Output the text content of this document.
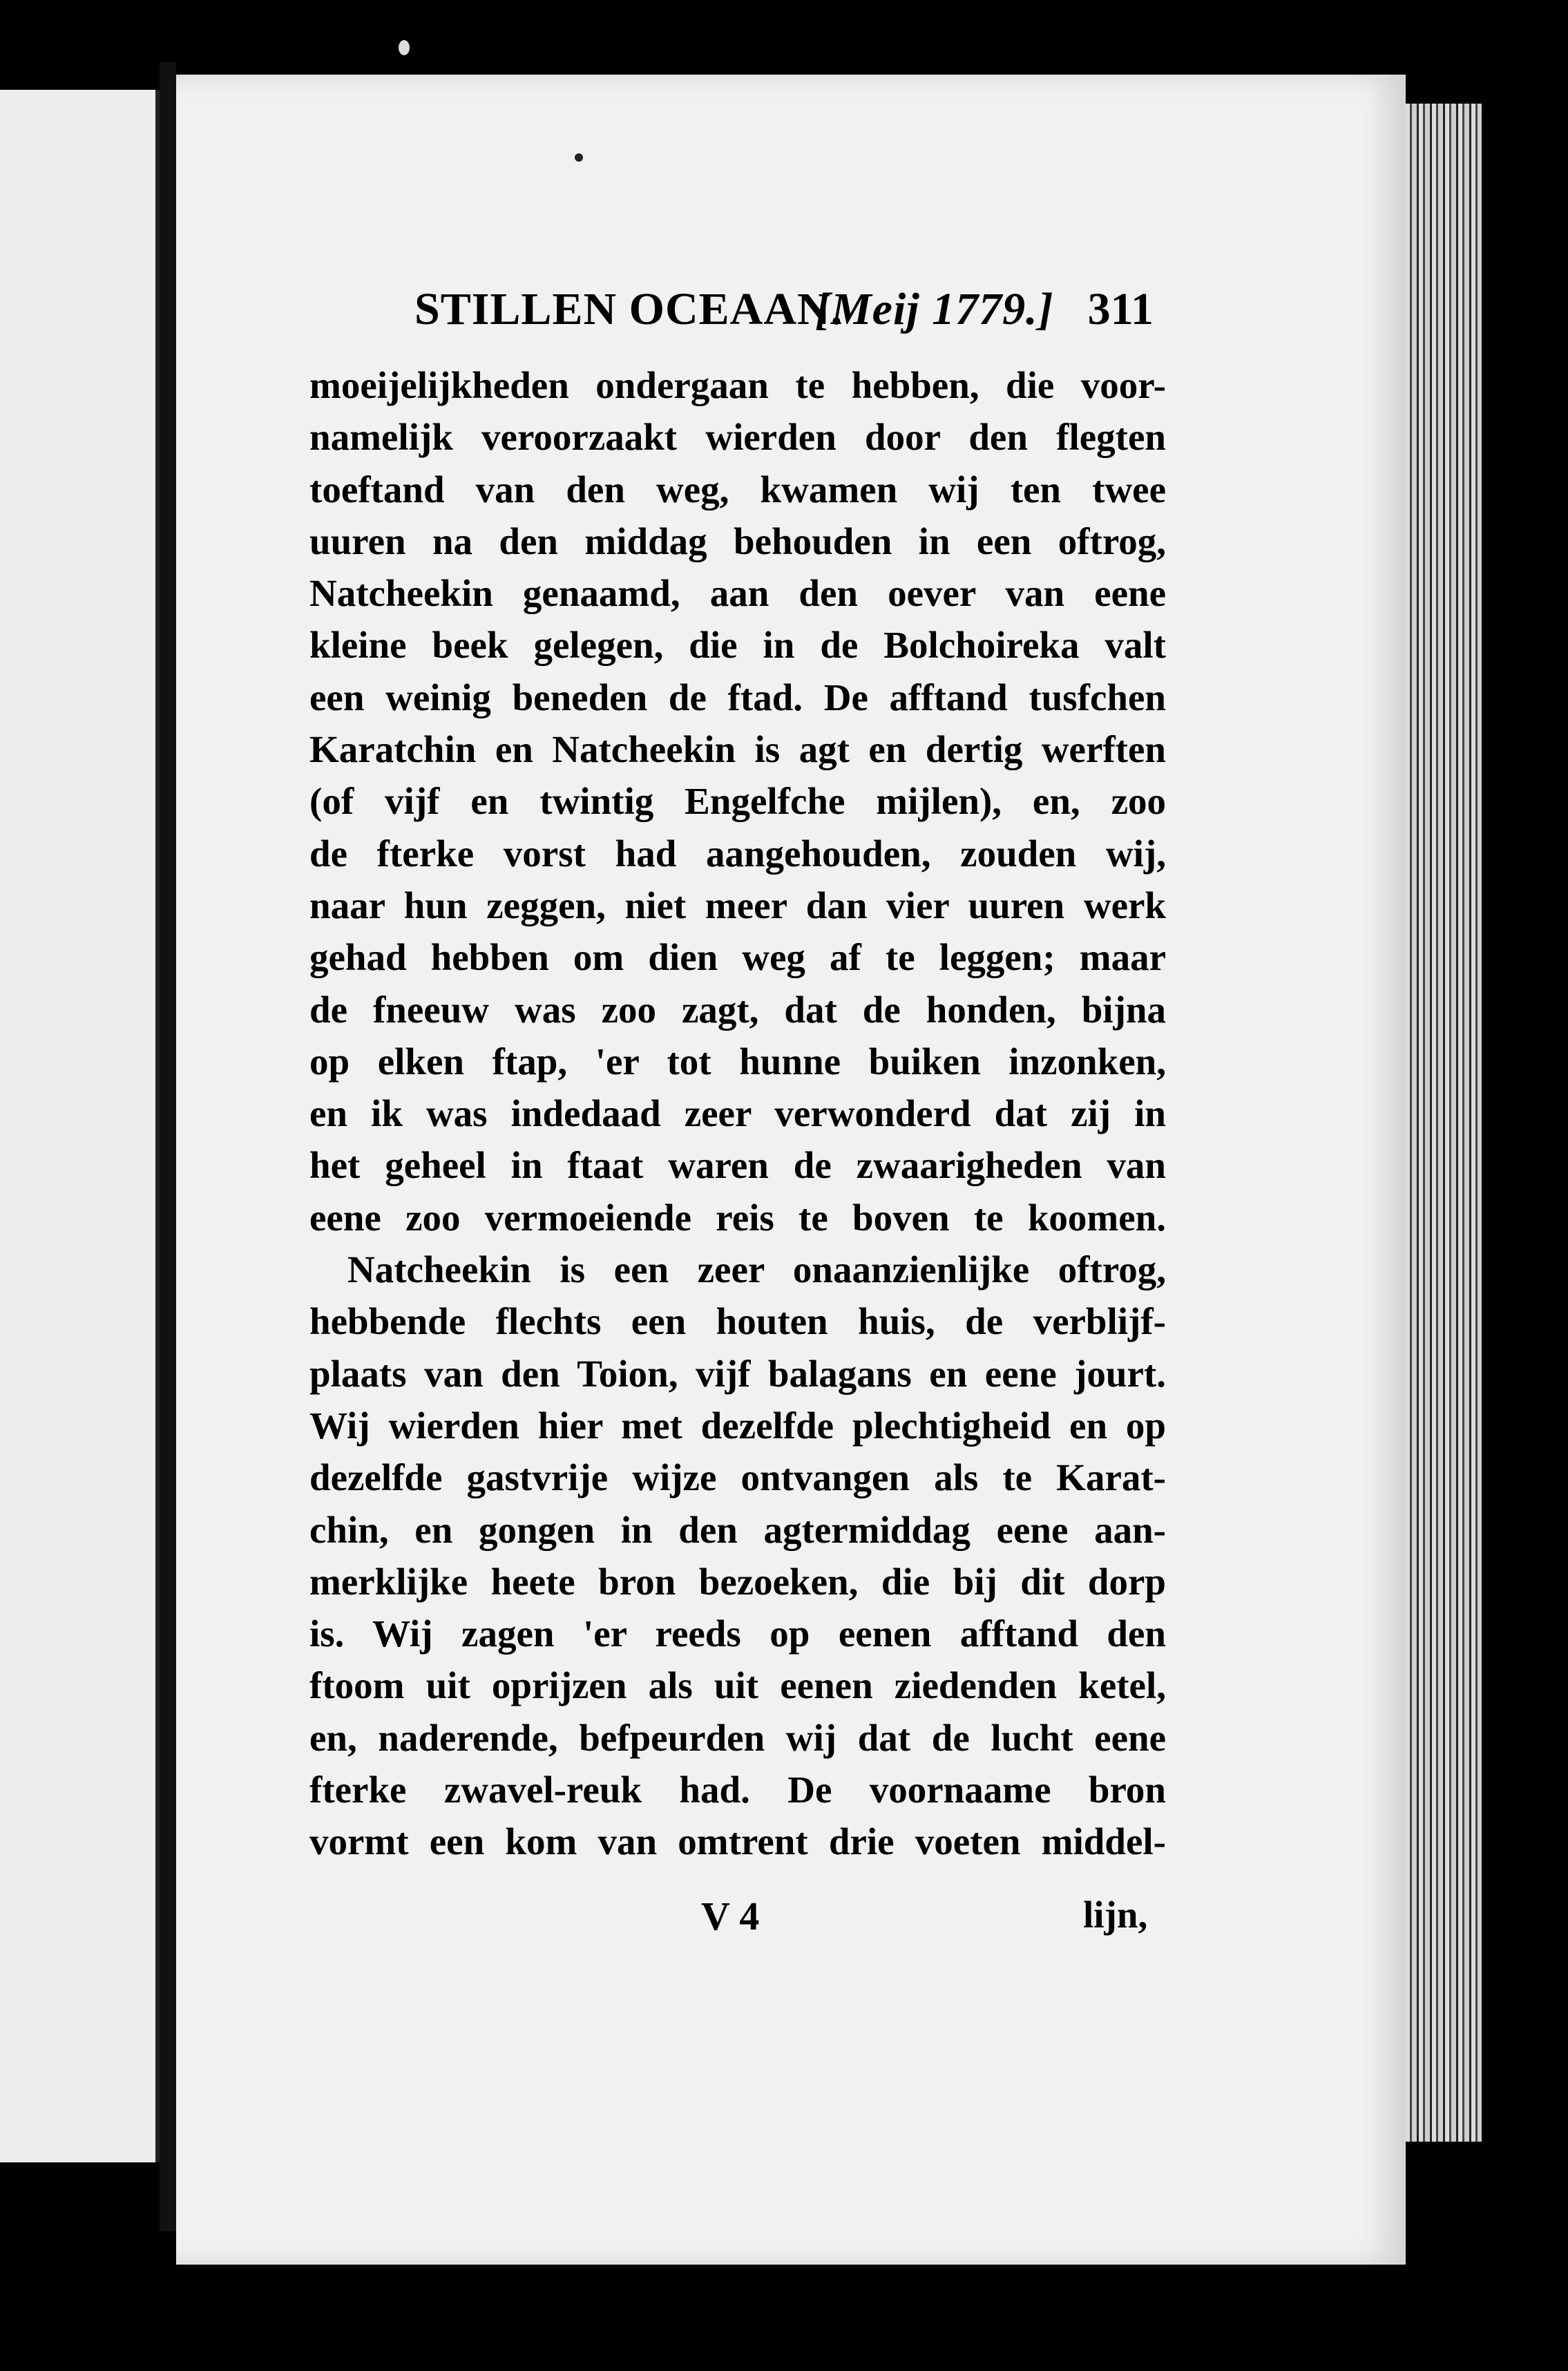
STILLEN OCEAAN.
[Meij 1779.] 311
moeijelijkheden ondergaan te hebben, die voor-
namelijk veroorzaakt wierden door den flegten
toeftand van den weg, kwamen wij ten twee
uuren na den middag behouden in een oftrog,
Natcheekin genaamd, aan den oever van eene
kleine beek gelegen, die in de Bolchoireka valt
een weinig beneden de ftad. De afftand tusfchen
Karatchin en Natcheekin is agt en dertig werften
(of vijf en twintig Engelfche mijlen), en, zoo
de fterke vorst had aangehouden, zouden wij,
naar hun zeggen, niet meer dan vier uuren werk
gehad hebben om dien weg af te leggen; maar
de fneeuw was zoo zagt, dat de honden, bijna
op elken ftap, 'er tot hunne buiken inzonken,
en ik was indedaad zeer verwonderd dat zij in
het geheel in ftaat waren de zwaarigheden van
eene zoo vermoeiende reis te boven te koomen.
Natcheekin is een zeer onaanzienlijke oftrog,
hebbende flechts een houten huis, de verblijf-
plaats van den Toion, vijf balagans en eene jourt.
Wij wierden hier met dezelfde plechtigheid en op
dezelfde gastvrije wijze ontvangen als te Karat-
chin, en gongen in den agtermiddag eene aan-
merklijke heete bron bezoeken, die bij dit dorp
is. Wij zagen 'er reeds op eenen afftand den
ftoom uit oprijzen als uit eenen ziedenden ketel,
en, naderende, befpeurden wij dat de lucht eene
fterke zwavel-reuk had. De voornaame bron
vormt een kom van omtrent drie voeten middel-
V 4	lijn,
